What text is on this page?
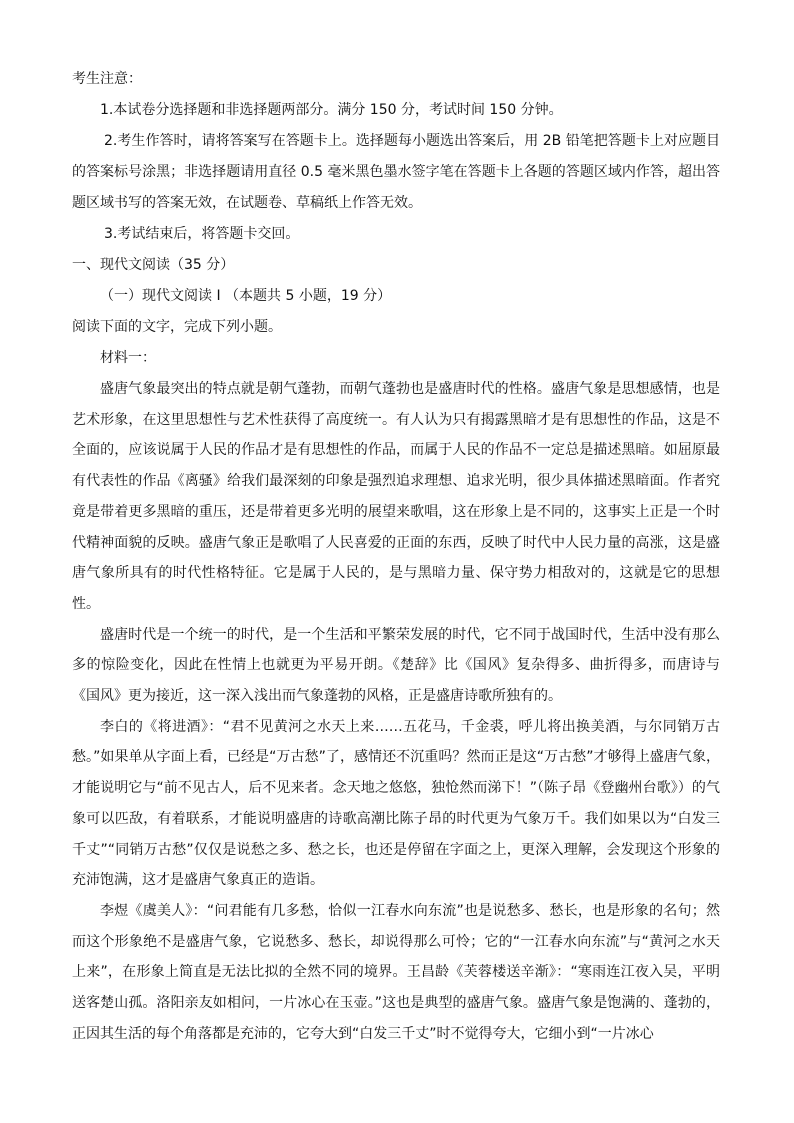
考生注意：
1.本试卷分选择题和非选择题两部分。满分 150 分，考试时间 150 分钟。

2.考生作答时，请将答案写在答题卡上。选择题每小题选出答案后，用 2B 铅笔把答题卡上对应题目的答案标号涂黑；非选择题请用直径 0.5 毫米黑色墨水签字笔在答题卡上各题的答题区域内作答，超出答题区域书写的答案无效，在试题卷、草稿纸上作答无效。

3.考试结束后，将答题卡交回。
一、现代文阅读（35 分）
（一）现代文阅读 I （本题共 5 小题，19 分）
阅读下面的文字，完成下列小题。
材料一：

盛唐气象最突出的特点就是朝气蓬勃，而朝气蓬勃也是盛唐时代的性格。盛唐气象是思想感情，也是艺术形象，在这里思想性与艺术性获得了高度统一。有人认为只有揭露黑暗才是有思想性的作品，这是不全面的，应该说属于人民的作品才是有思想性的作品，而属于人民的作品不一定总是描述黑暗。如屈原最有代表性的作品《离骚》给我们最深刻的印象是强烈追求理想、追求光明，很少具体描述黑暗面。作者究竟是带着更多黑暗的重压，还是带着更多光明的展望来歌唱，这在形象上是不同的，这事实上正是一个时代精神面貌的反映。盛唐气象正是歌唱了人民喜爱的正面的东西，反映了时代中人民力量的高涨，这是盛唐气象所具有的时代性格特征。它是属于人民的，是与黑暗力量、保守势力相敌对的，这就是它的思想性。

盛唐时代是一个统一的时代，是一个生活和平繁荣发展的时代，它不同于战国时代，生活中没有那么多的惊险变化，因此在性情上也就更为平易开朗。《楚辞》比《国风》复杂得多、曲折得多，而唐诗与《国风》更为接近，这一深入浅出而气象蓬勃的风格，正是盛唐诗歌所独有的。

李白的《将进酒》：“君不见黄河之水天上来……五花马，千金裘，呼儿将出换美酒，与尔同销万古愁。”如果单从字面上看，已经是“万古愁”了，感情还不沉重吗？然而正是这“万古愁”才够得上盛唐气象，才能说明它与“前不见古人，后不见来者。念天地之悠悠，独怆然而涕下！”（陈子昂《登幽州台歌》）的气象可以匹敌，有着联系，才能说明盛唐的诗歌高潮比陈子昂的时代更为气象万千。我们如果以为“白发三千丈”“同销万古愁”仅仅是说愁之多、愁之长，也还是停留在字面之上，更深入理解，会发现这个形象的充沛饱满，这才是盛唐气象真正的造诣。

李煜《虞美人》：“问君能有几多愁，恰似一江春水向东流”也是说愁多、愁长，也是形象的名句；然而这个形象绝不是盛唐气象，它说愁多、愁长，却说得那么可怜；它的“一江春水向东流”与“黄河之水天上来”，在形象上简直是无法比拟的全然不同的境界。王昌龄《芙蓉楼送辛渐》：“寒雨连江夜入吴，平明送客楚山孤。洛阳亲友如相问，一片冰心在玉壶。”这也是典型的盛唐气象。盛唐气象是饱满的、蓬勃的，正因其生活的每个角落都是充沛的，它夸大到“白发三千丈”时不觉得夸大，它细小到“一片冰心
